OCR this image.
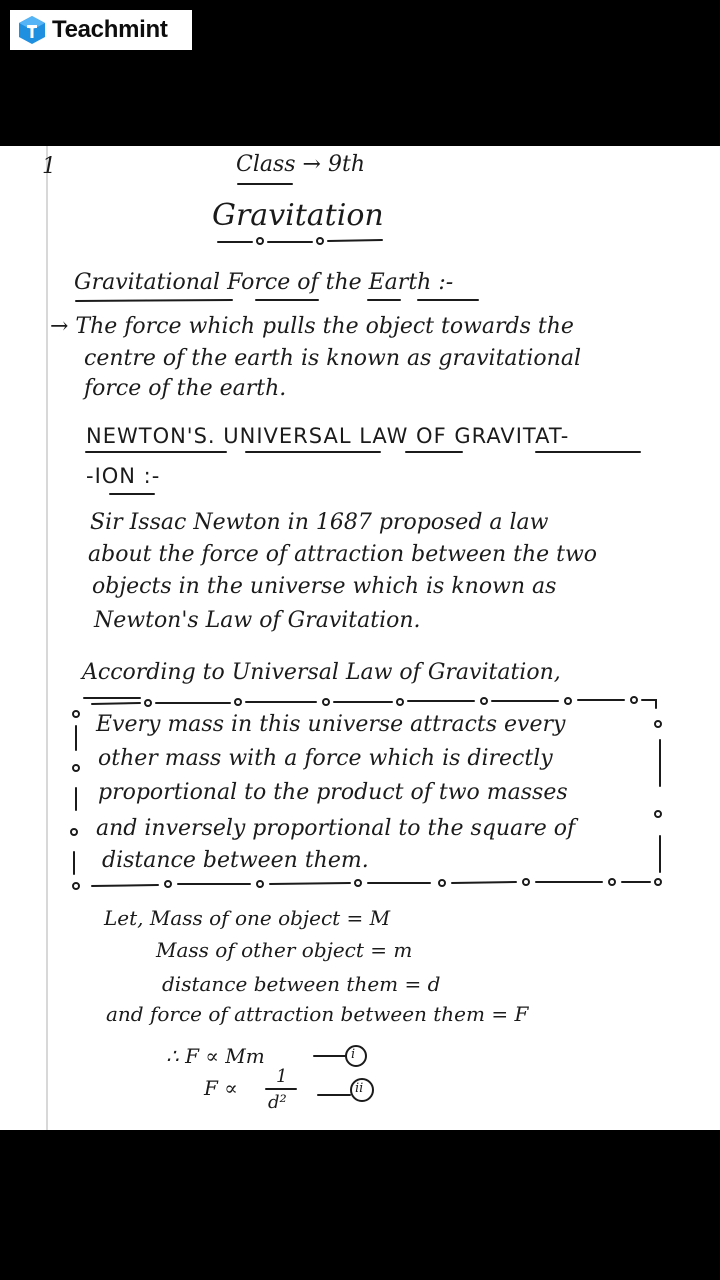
Teachmint
1	Class → 9th
Gravitation
Gravitational Force of the Earth :-
→ The force which pulls the object towards the
centre of the earth is known as gravitational
force of the earth.
NEWTON'S. UNIVERSAL LAW OF GRAVITAT-
-ION :-
Sir Issac Newton in 1687 proposed a law
about the force of attraction between the two
objects in the universe which is known as
Newton's Law of Gravitation.
According to Universal Law of Gravitation,
Every mass in this universe attracts every
other mass with a force which is directly
proportional to the product of two masses
and inversely proportional to the square of
distance between them.
Let, Mass of one object = M
Mass of other object = m
distance between them = d
and force of attraction between them = F
∴ F ∝ Mm	i
F ∝ 1
d²
ii
